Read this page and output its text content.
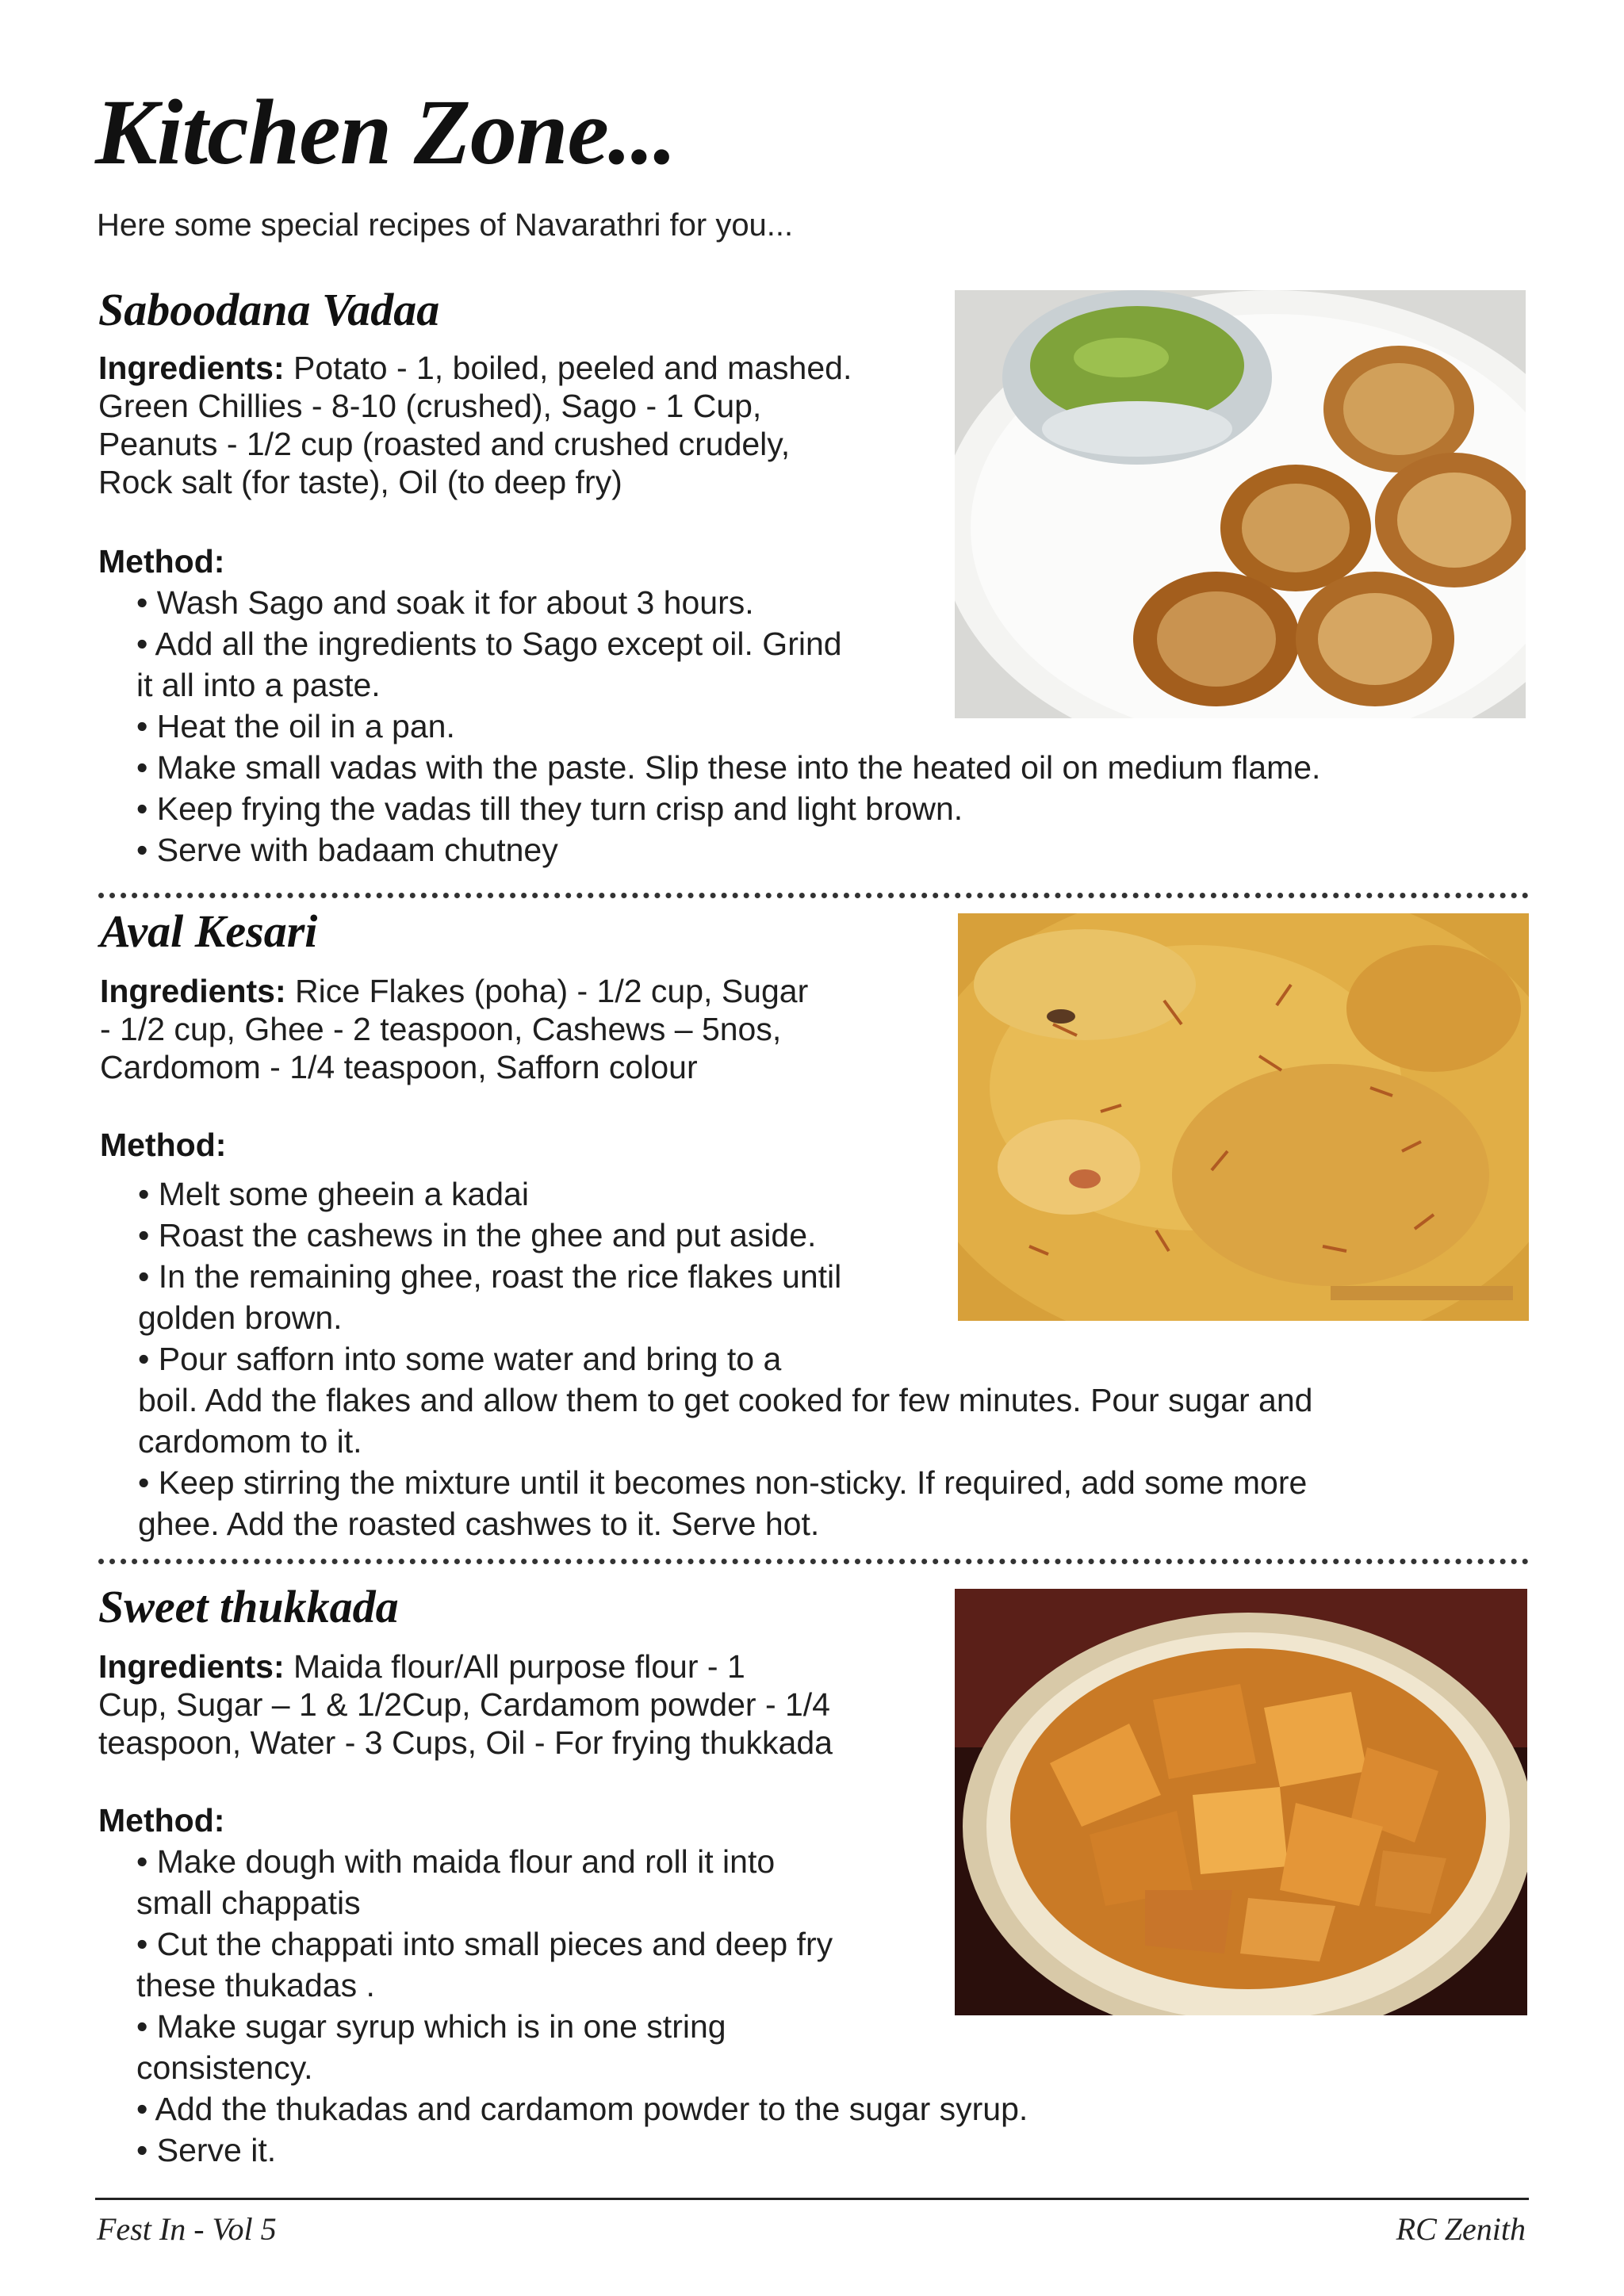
Kitchen Zone...
Here some special recipes of Navarathri for you...
Saboodana Vadaa
Ingredients: Potato - 1, boiled, peeled and mashed.
Green Chillies - 8-10 (crushed), Sago - 1 Cup,
Peanuts - 1/2 cup (roasted and crushed crudely,
Rock salt (for taste), Oil (to deep fry)
Method:
• Wash Sago and soak it for about 3 hours.
• Add all the ingredients to Sago except oil. Grind
it all into a paste.
• Heat the oil in a pan.
• Make small vadas with the paste. Slip these into the heated oil on medium flame.
• Keep frying the vadas till they turn crisp and light brown.
• Serve with badaam chutney
Aval Kesari
Ingredients: Rice Flakes (poha) - 1/2 cup, Sugar
- 1/2 cup, Ghee - 2 teaspoon, Cashews – 5nos,
Cardomom - 1/4 teaspoon, Safforn colour
Method:
• Melt some gheein a kadai
• Roast the cashews in the ghee and put aside.
• In the remaining ghee, roast the rice flakes until
golden brown.
• Pour safforn into some water and bring to a
boil. Add the flakes and allow them to get cooked for few minutes. Pour sugar and
cardomom to it.
• Keep stirring the mixture until it becomes non-sticky. If required, add some more
ghee. Add the roasted cashwes to it. Serve hot.
Sweet thukkada
Ingredients: Maida flour/All purpose flour - 1
Cup, Sugar – 1 & 1/2Cup, Cardamom powder - 1/4
teaspoon, Water - 3 Cups, Oil - For frying thukkada
Method:
• Make dough with maida flour and roll it into
small chappatis
• Cut the chappati into small pieces and deep fry
these thukadas .
• Make sugar syrup which is in one string
consistency.
• Add the thukadas and cardamom powder to the sugar syrup.
• Serve it.
Fest In - Vol 5	RC Zenith
